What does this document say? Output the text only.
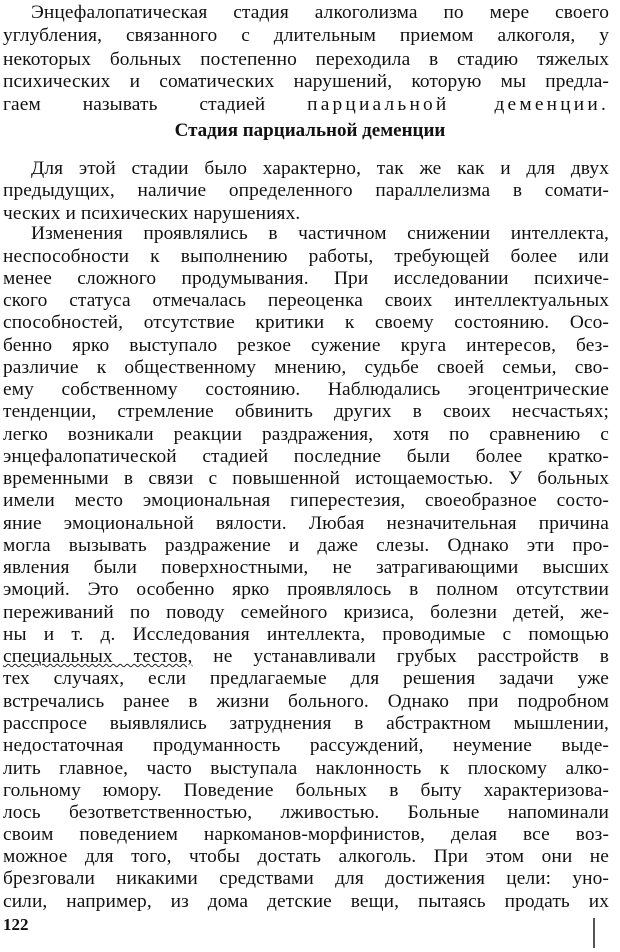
Энцефалопатическая стадия алкоголизма по мере своего
углубления, связанного с длительным приемом алкоголя, у
некоторых больных постепенно переходила в стадию тяжелых
психических и соматических нарушений, которую мы предла-
гаем называть стадией парциальной деменции.
Стадия парциальной деменции
Для этой стадии было характерно, так же как и для двух
предыдущих, наличие определенного параллелизма в сомати-
ческих и психических нарушениях.
Изменения проявлялись в частичном снижении интеллекта,
неспособности к выполнению работы, требующей более или
менее сложного продумывания. При исследовании психиче-
ского статуса отмечалась переоценка своих интеллектуальных
способностей, отсутствие критики к своему состоянию. Осо-
бенно ярко выступало резкое сужение круга интересов, без-
различие к общественному мнению, судьбе своей семьи, сво-
ему собственному состоянию. Наблюдались эгоцентрические
тенденции, стремление обвинить других в своих несчастьях;
легко возникали реакции раздражения, хотя по сравнению с
энцефалопатической стадией последние были более кратко-
временными в связи с повышенной истощаемостью. У больных
имели место эмоциональная гиперестезия, своеобразное состо-
яние эмоциональной вялости. Любая незначительная причина
могла вызывать раздражение и даже слезы. Однако эти про-
явления были поверхностными, не затрагивающими высших
эмоций. Это особенно ярко проявлялось в полном отсутствии
переживаний по поводу семейного кризиса, болезни детей, же-
ны и т. д. Исследования интеллекта, проводимые с помощью
специальных тестов, не устанавливали грубых расстройств в
тех случаях, если предлагаемые для решения задачи уже
встречались ранее в жизни больного. Однако при подробном
расспросе выявлялись затруднения в абстрактном мышлении,
недостаточная продуманность рассуждений, неумение выде-
лить главное, часто выступала наклонность к плоскому алко-
гольному юмору. Поведение больных в быту характеризова-
122
лось безответственностью, лживостью. Больные напоминали
своим поведением наркоманов-морфинистов, делая все воз-
можное для того, чтобы достать алкоголь. При этом они не
брезговали никакими средствами для достижения цели: уно-
сили, например, из дома детские вещи, пытаясь продать их
